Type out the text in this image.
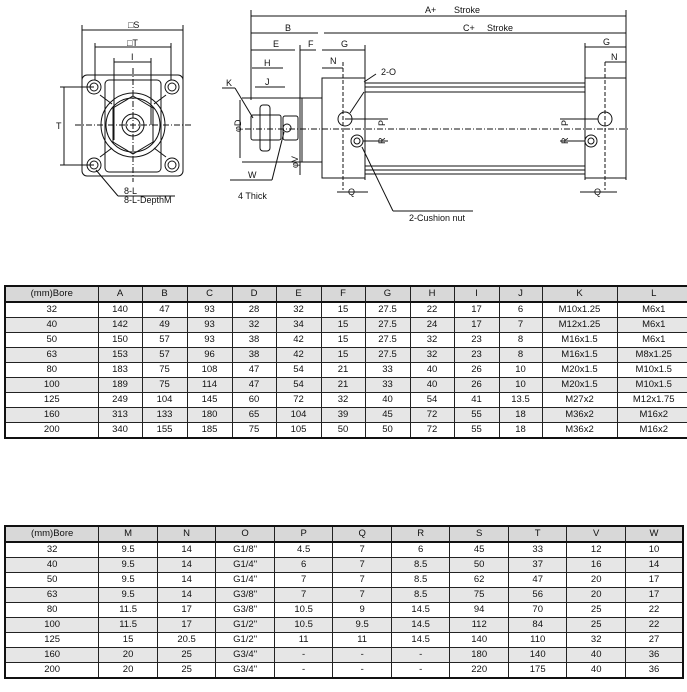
□S
□T
I
T
8-L
8-L-DepthM
A+ Stroke
B	C+ Stroke
E	F	G	G
N
H
J
N
K
φD
W
4 Thick
φV
2-O
P
R
P
R
Q	Q
2-Cushion nut
(mm)Bore	A	B	C	D	E	F	G	H	I	J	K	L
32	140	47	93	28	32	15	27.5	22	17	6	M10x1.25	M6x1
40	142	49	93	32	34	15	27.5	24	17	7	M12x1.25	M6x1
50	150	57	93	38	42	15	27.5	32	23	8	M16x1.5	M6x1
63	153	57	96	38	42	15	27.5	32	23	8	M16x1.5	M8x1.25
80	183	75	108	47	54	21	33	40	26	10	M20x1.5	M10x1.5
100	189	75	114	47	54	21	33	40	26	10	M20x1.5	M10x1.5
125	249	104	145	60	72	32	40	54	41	13.5	M27x2	M12x1.75
160	313	133	180	65	104	39	45	72	55	18	M36x2	M16x2
200	340	155	185	75	105	50	50	72	55	18	M36x2	M16x2
(mm)Bore	M	N	O	P	Q	R	S	T	V	W
32	9.5	14	G1/8"	4.5	7	6	45	33	12	10
40	9.5	14	G1/4"	6	7	8.5	50	37	16	14
50	9.5	14	G1/4"	7	7	8.5	62	47	20	17
63	9.5	14	G3/8"	7	7	8.5	75	56	20	17
80	11.5	17	G3/8"	10.5	9	14.5	94	70	25	22
100	11.5	17	G1/2"	10.5	9.5	14.5	112	84	25	22
125	15	20.5	G1/2"	11	11	14.5	140	110	32	27
160	20	25	G3/4"	-	-	-	180	140	40	36
200	20	25	G3/4"	-	-	-	220	175	40	36
